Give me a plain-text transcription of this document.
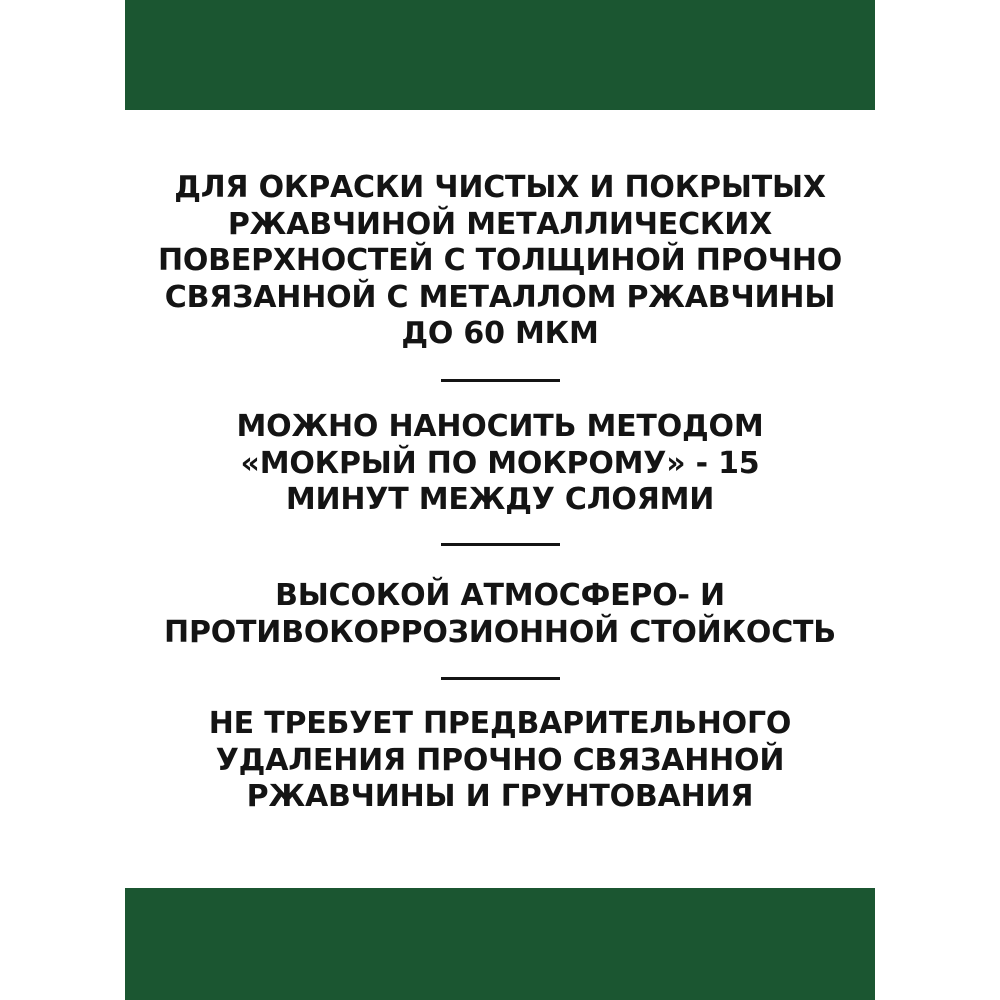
ДЛЯ ОКРАСКИ ЧИСТЫХ И ПОКРЫТЫХ
РЖАВЧИНОЙ МЕТАЛЛИЧЕСКИХ
ПОВЕРХНОСТЕЙ С ТОЛЩИНОЙ ПРОЧНО
СВЯЗАННОЙ С МЕТАЛЛОМ РЖАВЧИНЫ
ДО 60 МКМ
МОЖНО НАНОСИТЬ МЕТОДОМ
«МОКРЫЙ ПО МОКРОМУ» - 15
МИНУТ МЕЖДУ СЛОЯМИ
ВЫСОКОЙ АТМОСФЕРО- И
ПРОТИВОКОРРОЗИОННОЙ СТОЙКОСТЬ
НЕ ТРЕБУЕТ ПРЕДВАРИТЕЛЬНОГО
УДАЛЕНИЯ ПРОЧНО СВЯЗАННОЙ
РЖАВЧИНЫ И ГРУНТОВАНИЯ
